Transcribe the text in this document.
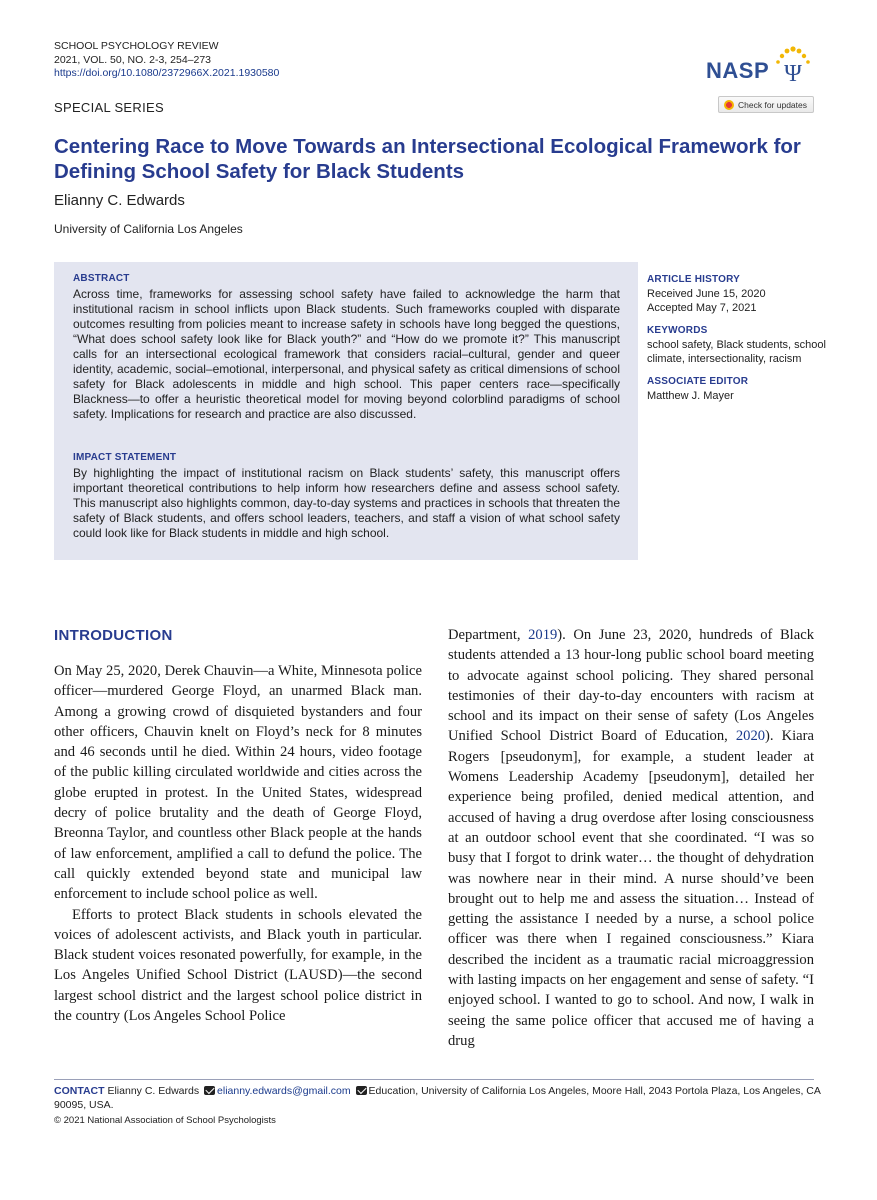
SCHOOL PSYCHOLOGY REVIEW
2021, VOL. 50, NO. 2-3, 254–273
https://doi.org/10.1080/2372966X.2021.1930580	NASP Ψ
SPECIAL SERIES	Check for updates
Centering Race to Move Towards an Intersectional Ecological Framework for Defining School Safety for Black Students
Elianny C. Edwards
University of California Los Angeles
ABSTRACT

Across time, frameworks for assessing school safety have failed to acknowledge the harm that institutional racism in school inflicts upon Black students. Such frameworks coupled with disparate outcomes resulting from policies meant to increase safety in schools have long begged the questions, “What does school safety look like for Black youth?” and “How do we promote it?” This manuscript calls for an intersectional ecological framework that considers racial–cultural, gender and queer identity, academic, social–emotional, interpersonal, and physical safety as critical dimensions of school safety for Black adolescents in middle and high school. This paper centers race—specifically Blackness—to offer a heuristic theoretical model for moving beyond colorblind paradigms of school safety. Implications for research and practice are also discussed.

IMPACT STATEMENT

By highlighting the impact of institutional racism on Black students’ safety, this manuscript offers important theoretical contributions to help inform how researchers define and assess school safety. This manuscript also highlights common, day-to-day systems and practices in schools that threaten the safety of Black students, and offers school leaders, teachers, and staff a vision of what school safety could look like for Black students in middle and high school.

ARTICLE HISTORY
Received June 15, 2020
Accepted May 7, 2021
KEYWORDS
school safety, Black students, school climate, intersectionality, racism
ASSOCIATE EDITOR
Matthew J. Mayer
INTRODUCTION

On May 25, 2020, Derek Chauvin—a White, Minnesota police officer—murdered George Floyd, an unarmed Black man. Among a growing crowd of disquieted bystanders and four other officers, Chauvin knelt on Floyd’s neck for 8 minutes and 46 seconds until he died. Within 24 hours, video footage of the public killing circulated worldwide and cities across the globe erupted in protest. In the United States, widespread decry of police brutality and the death of George Floyd, Breonna Taylor, and countless other Black people at the hands of law enforcement, amplified a call to defund the police. The call quickly extended beyond state and municipal law enforcement to include school police as well.

Efforts to protect Black students in schools elevated the voices of adolescent activists, and Black youth in particular. Black student voices resonated powerfully, for example, in the Los Angeles Unified School District (LAUSD)—the second largest school district and the largest school police district in the country (Los Angeles School Police

Department, 2019). On June 23, 2020, hundreds of Black students attended a 13 hour-long public school board meeting to advocate against school policing. They shared personal testimonies of their day-to-day encounters with racism at school and its impact on their sense of safety (Los Angeles Unified School District Board of Education, 2020). Kiara Rogers [pseudonym], for example, a student leader at Womens Leadership Academy [pseudonym], detailed her experience being profiled, denied medical attention, and accused of having a drug overdose after losing consciousness at an outdoor school event that she coordinated. “I was so busy that I forgot to drink water… the thought of dehydration was nowhere near in their mind. A nurse should’ve been brought out to help me and assess the situation… Instead of getting the assistance I needed by a nurse, a school police officer was there when I regained consciousness.” Kiara described the incident as a traumatic racial microaggression with lasting impacts on her engagement and sense of safety. “I enjoyed school. I wanted to go to school. And now, I walk in seeing the same police officer that accused me of having a drug

CONTACT Elianny C. Edwards elianny.edwards@gmail.com Education, University of California Los Angeles, Moore Hall, 2043 Portola Plaza, Los Angeles, CA 90095, USA.
© 2021 National Association of School Psychologists
